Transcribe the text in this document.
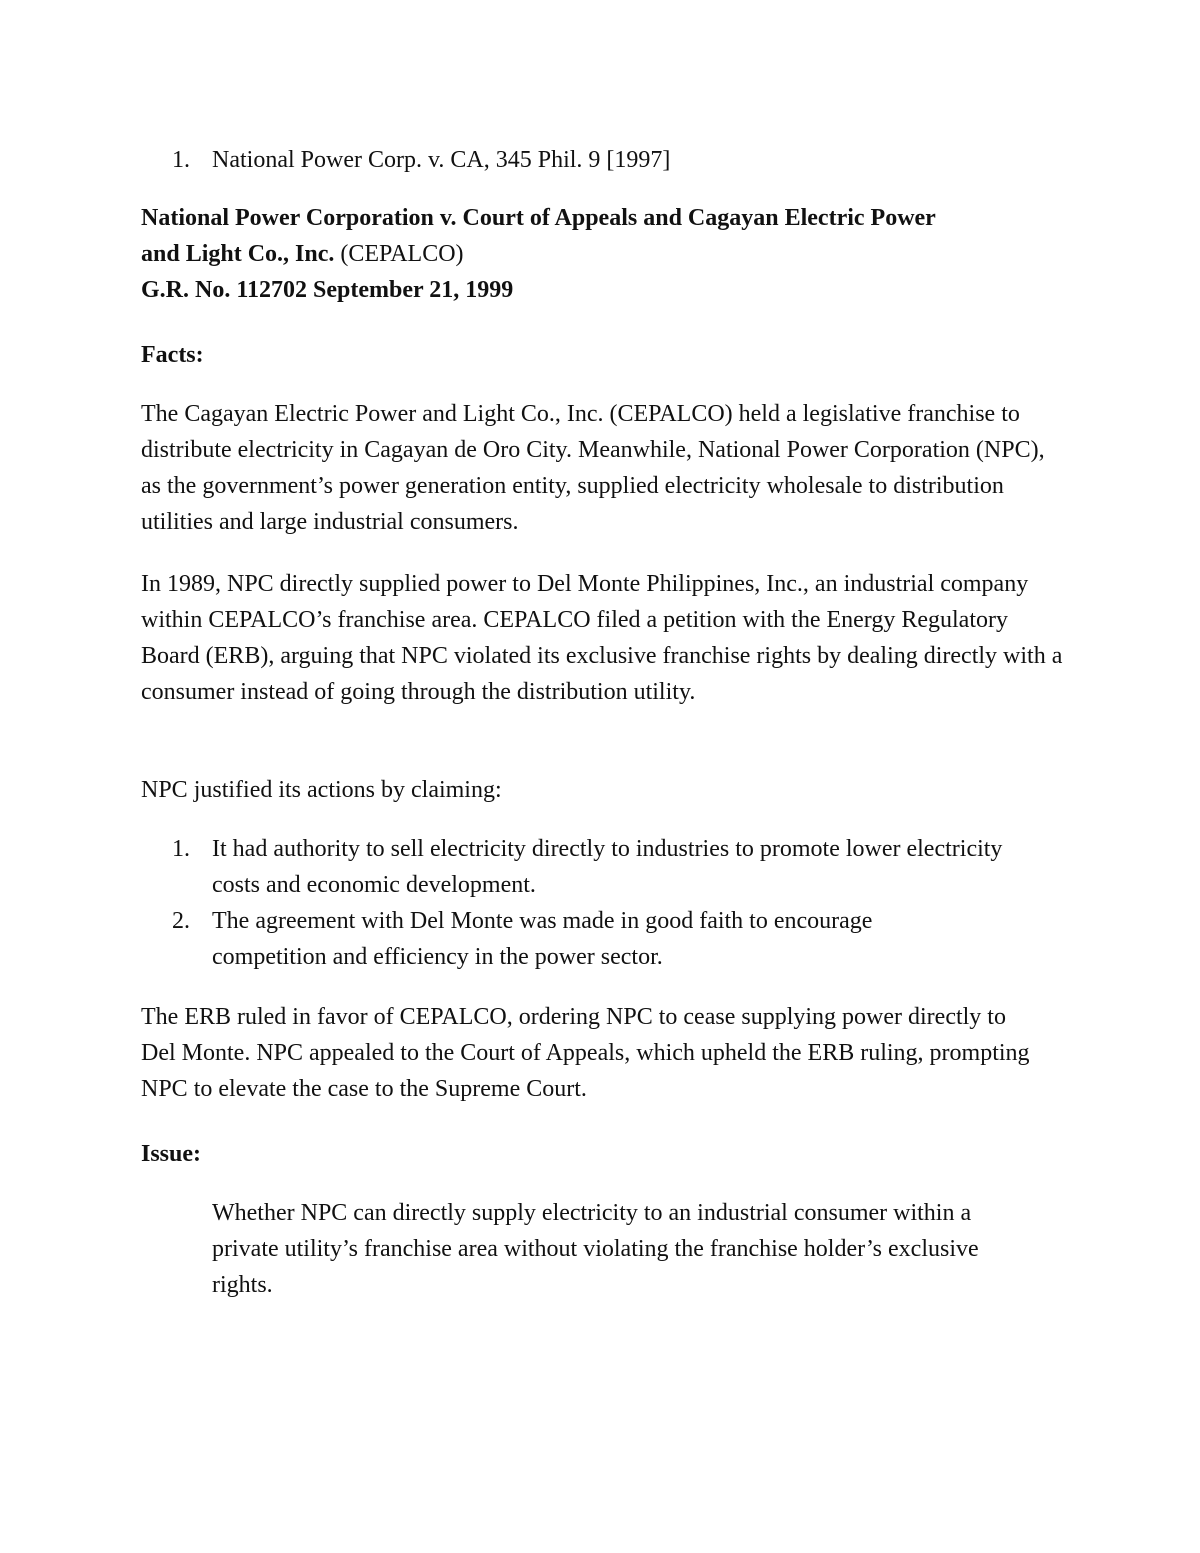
1. National Power Corp. v. CA, 345 Phil. 9 [1997]
National Power Corporation v. Court of Appeals and Cagayan Electric Power
and Light Co., Inc. (CEPALCO)
G.R. No. 112702 September 21, 1999
Facts:

The Cagayan Electric Power and Light Co., Inc. (CEPALCO) held a legislative franchise to distribute electricity in Cagayan de Oro City. Meanwhile, National Power Corporation (NPC), as the government’s power generation entity, supplied electricity wholesale to distribution utilities and large industrial consumers.

In 1989, NPC directly supplied power to Del Monte Philippines, Inc., an industrial company within CEPALCO’s franchise area. CEPALCO filed a petition with the Energy Regulatory Board (ERB), arguing that NPC violated its exclusive franchise rights by dealing directly with a consumer instead of going through the distribution utility.

NPC justified its actions by claiming:

1. It had authority to sell electricity directly to industries to promote lower electricity costs and economic development.
2. The agreement with Del Monte was made in good faith to encourage competition and efficiency in the power sector.

The ERB ruled in favor of CEPALCO, ordering NPC to cease supplying power directly to Del Monte. NPC appealed to the Court of Appeals, which upheld the ERB ruling, prompting NPC to elevate the case to the Supreme Court.

Issue:

Whether NPC can directly supply electricity to an industrial consumer within a private utility’s franchise area without violating the franchise holder’s exclusive rights.
